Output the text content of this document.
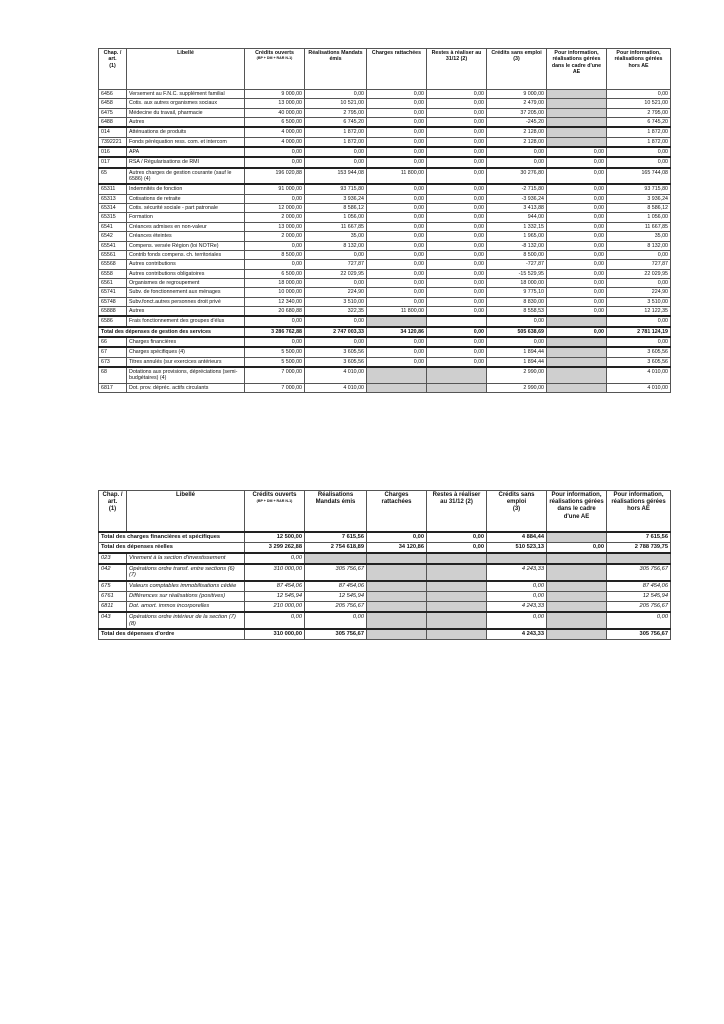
Chap. / art.
(1)	Libellé	Crédits ouverts

(BP + DM + RAR N-1)	Réalisations Mandats émis	Charges rattachées	Restes à réaliser au 31/12 (2)	Crédits sans emploi
(3)	Pour information, réalisations gérées dans le cadre d'une AE	Pour information, réalisations gérées hors AE
6456	Versement au F.N.C. supplément familial	9 000,00	0,00	0,00	0,00	9 000,00		0,00
6458	Cotis. aux autres organismes sociaux	13 000,00	10 521,00	0,00	0,00	2 479,00		10 521,00
6475	Médecine du travail, pharmacie	40 000,00	2 795,00	0,00	0,00	37 205,00		2 795,00
6488	Autres	6 500,00	6 745,20	0,00	0,00	-245,20		6 745,20
014	Atténuations de produits	4 000,00	1 872,00	0,00	0,00	2 128,00		1 872,00
7392221	Fonds péréquation ress. com. et intercom	4 000,00	1 872,00	0,00	0,00	2 128,00		1 872,00
016	APA	0,00	0,00	0,00	0,00	0,00	0,00	0,00
017	RSA / Régularisations de RMI	0,00	0,00	0,00	0,00	0,00	0,00	0,00
65	Autres charges de gestion courante (sauf le 6586) (4)	196 020,88	153 944,08	11 800,00	0,00	30 276,80	0,00	165 744,08
65311	Indemnités de fonction	91 000,00	93 715,80	0,00	0,00	-2 715,80	0,00	93 715,80
65313	Cotisations de retraite	0,00	3 936,24	0,00	0,00	-3 936,24	0,00	3 936,24
65314	Cotis. sécurité sociale - part patronale	12 000,00	8 586,12	0,00	0,00	3 413,88	0,00	8 586,12
65315	Formation	2 000,00	1 056,00	0,00	0,00	944,00	0,00	1 056,00
6541	Créances admises en non-valeur	13 000,00	11 667,85	0,00	0,00	1 332,15	0,00	11 667,85
6542	Créances éteintes	2 000,00	35,00	0,00	0,00	1 965,00	0,00	35,00
65541	Compens. versée Région (loi NOTRe)	0,00	8 132,00	0,00	0,00	-8 132,00	0,00	8 132,00
65561	Contrib fonds compens. ch. territoriales	8 500,00	0,00	0,00	0,00	8 500,00	0,00	0,00
65568	Autres contributions	0,00	727,87	0,00	0,00	-727,87	0,00	727,87
6558	Autres contributions obligatoires	6 500,00	22 029,95	0,00	0,00	-15 529,95	0,00	22 029,95
6561	Organismes de regroupement	18 000,00	0,00	0,00	0,00	18 000,00	0,00	0,00
65741	Subv. de fonctionnement aux ménages	10 000,00	224,90	0,00	0,00	9 775,10	0,00	224,90
65748	Subv.fonct.autres personnes droit privé	12 340,00	3 510,00	0,00	0,00	8 830,00	0,00	3 510,00
65888	Autres	20 680,88	322,35	11 800,00	0,00	8 558,53	0,00	12 122,35
6586	Frais fonctionnement des groupes d'élus	0,00	0,00			0,00		0,00
Total des dépenses de gestion des services		3 286 762,88	2 747 003,33	34 120,86	0,00	505 638,69	0,00	2 781 124,19
66	Charges financières	0,00	0,00	0,00	0,00	0,00		0,00
67	Charges spécifiques (4)	5 500,00	3 605,56	0,00	0,00	1 894,44		3 605,56
673	Titres annulés (sur exercices antérieurs	5 500,00	3 605,56	0,00	0,00	1 894,44		3 605,56
68	Dotations aux provisions, dépréciations (semi-budgétaires) (4)	7 000,00	4 010,00			2 990,00		4 010,00
6817	Dot. prov. dépréc. actifs circulants	7 000,00	4 010,00			2 990,00		4 010,00
Chap. / art.
(1)	Libellé	Crédits ouverts

(BP + DM + RAR N-1)	Réalisations Mandats émis	Charges rattachées	Restes à réaliser au 31/12 (2)	Crédits sans emploi
(3)	Pour information, réalisations gérées dans le cadre d'une AE	Pour information, réalisations gérées hors AE
Total des charges financières et spécifiques		12 500,00	7 615,56	0,00	0,00	4 884,44		7 615,56
Total des dépenses réelles		3 299 262,88	2 754 618,89	34 120,86	0,00	510 523,13	0,00	2 788 739,75
023	Virement à la section d'investissement	0,00						
042	Opérations ordre transf. entre sections (6) (7)	310 000,00	305 756,67			4 243,33		305 756,67
675	Valeurs comptables immobilisations cédée	87 454,06	87 454,06			0,00		87 454,06
6761	Différences sur réalisations (positives)	12 545,94	12 545,94			0,00		12 545,94
6811	Dot. amort. immos incorporelles	210 000,00	205 756,67			4 243,33		205 756,67
043	Opérations ordre intérieur de la section (7) (8)	0,00	0,00			0,00		0,00
Total des dépenses d'ordre		310 000,00	305 756,67			4 243,33		305 756,67
